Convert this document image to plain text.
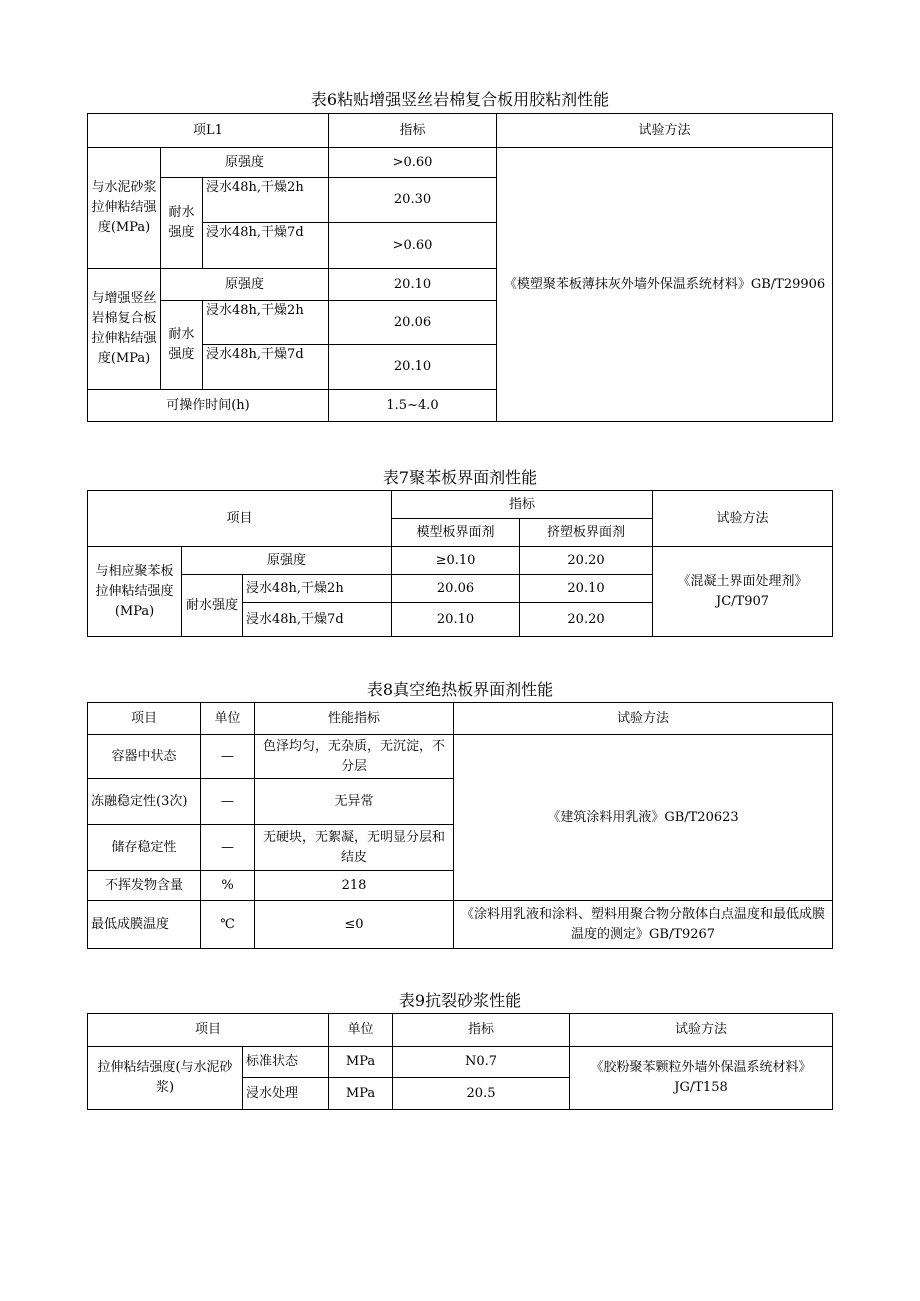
表6粘贴增强竖丝岩棉复合板用胶粘剂性能
项L1			指标	试验方法
与水泥砂浆拉伸粘结强度(MPa)	原强度		>0.60	《模塑聚苯板薄抹灰外墙外保温系统材料》GB/T29906
	耐水强度	浸水48h,干燥2h	20.30	
		浸水48h,干燥7d	>0.60	
与增强竖丝岩棉复合板拉伸粘结强度(MPa)	原强度		20.10	
	耐水强度	浸水48h,干燥2h	20.06	
		浸水48h,干燥7d	20.10	
可操作时间(h)			1.5~4.0	
表7聚苯板界面剂性能
项目			指标		试验方法
			模型板界面剂	挤塑板界面剂	
与相应聚苯板拉伸粘结强度(MPa)	原强度		≥0.10	20.20	《混凝土界面处理剂》JC/T907
	耐水强度	浸水48h,干燥2h	20.06	20.10	
		浸水48h,干燥7d	20.10	20.20	
表8真空绝热板界面剂性能
项目	单位	性能指标	试验方法
容器中状态	—	色泽均匀，无杂质，无沉淀，不分层	《建筑涂料用乳液》GB/T20623
冻融稳定性(3次)	—	无异常	
储存稳定性	—	无硬块，无絮凝，无明显分层和结皮	
不挥发物含量	%	218	
最低成膜温度	℃	≤0	《涂料用乳液和涂料、塑料用聚合物分散体白点温度和最低成膜温度的测定》GB/T9267
表9抗裂砂浆性能
项目		单位	指标	试验方法
拉伸粘结强度(与水泥砂浆)	标准状态	MPa	N0.7	《胶粉聚苯颗粒外墙外保温系统材料》JG/T158
	浸水处理	MPa	20.5	
